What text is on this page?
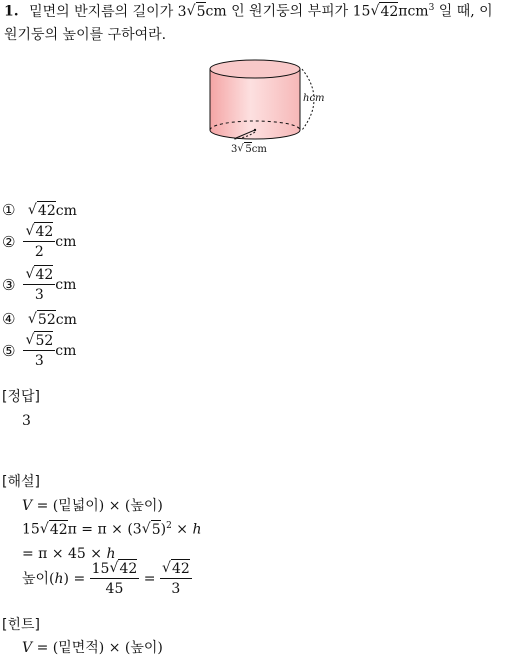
1. 밑면의 반지름의 길이가 3 √ 5cm 인 원기둥의 부피가 15 √ 42πcm$^3$ 일 때, 이
원기둥의 높이를 구하여라.
hcm
3 √ 5cm
① √ 42cm
② √ $\frac{42}{2}$ cm
③ √ $\frac{42}{3}$ cm
④ √ 52cm
⑤ √ $\frac{52}{3}$ cm
[정답]
3
[해설]
V = (밑넓이) × (높이)
15 √ 42π = π × (3 √ 5)$^2$ × h
= π × 45 × h
높이( h ) = $\frac{15 √ 42}{45}$ = √ $\frac{42}{3}$
[힌트]
V = (밑면적) × (높이)
